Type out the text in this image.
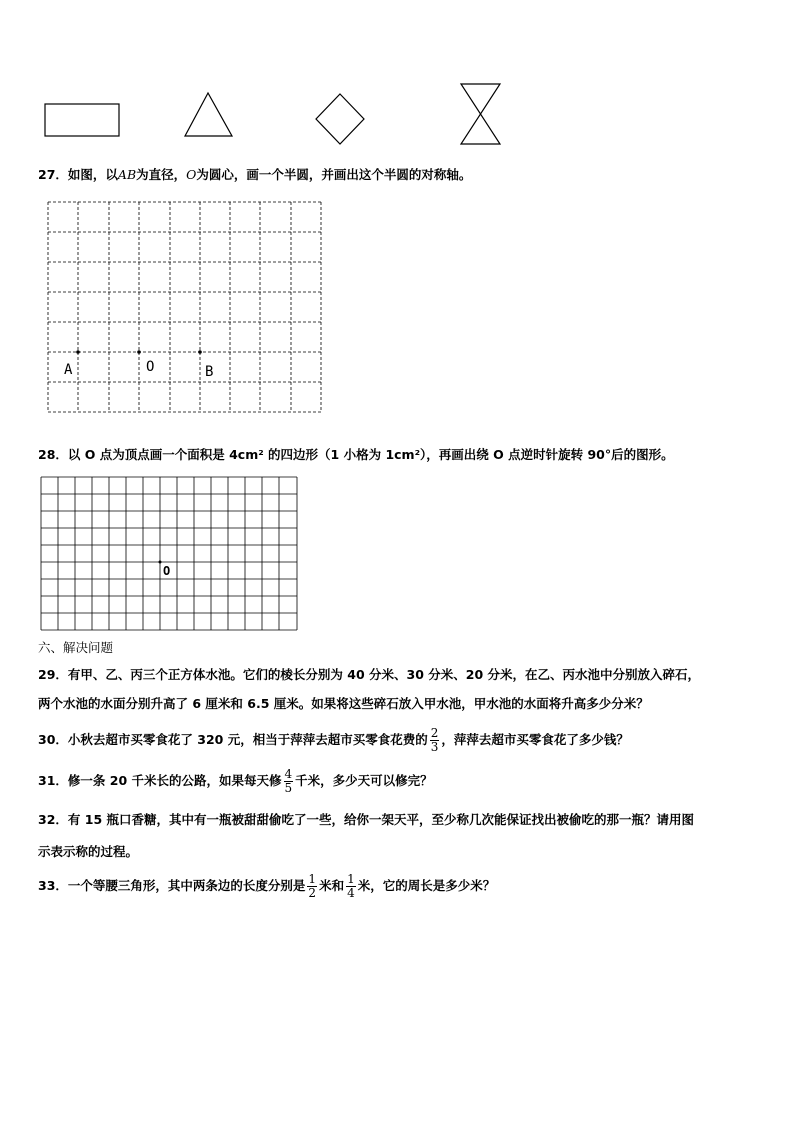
27．如图，以AB为直径，O为圆心，画一个半圆，并画出这个半圆的对称轴。
A	O	B
28．以 O 点为顶点画一个面积是 4cm² 的四边形（1 小格为 1cm²），再画出绕 O 点逆时针旋转 90°后的图形。
O
六、解决问题
29．有甲、乙、丙三个正方体水池。它们的棱长分别为 40 分米、30 分米、20 分米，在乙、丙水池中分别放入碎石，
两个水池的水面分别升高了 6 厘米和 6.5 厘米。如果将这些碎石放入甲水池，甲水池的水面将升高多少分米？
30．小秋去超市买零食花了 320 元，相当于萍萍去超市买零食花费的 $\frac{2}{3}$ ，萍萍去超市买零食花了多少钱？
31．修一条 20 千米长的公路，如果每天修 $\frac{4}{5}$ 千米，多少天可以修完？
32．有 15 瓶口香糖，其中有一瓶被甜甜偷吃了一些，给你一架天平，至少称几次能保证找出被偷吃的那一瓶？请用图
示表示称的过程。
33．一个等腰三角形，其中两条边的长度分别是 $\frac{1}{2}$ 米和 $\frac{1}{4}$ 米，它的周长是多少米？
